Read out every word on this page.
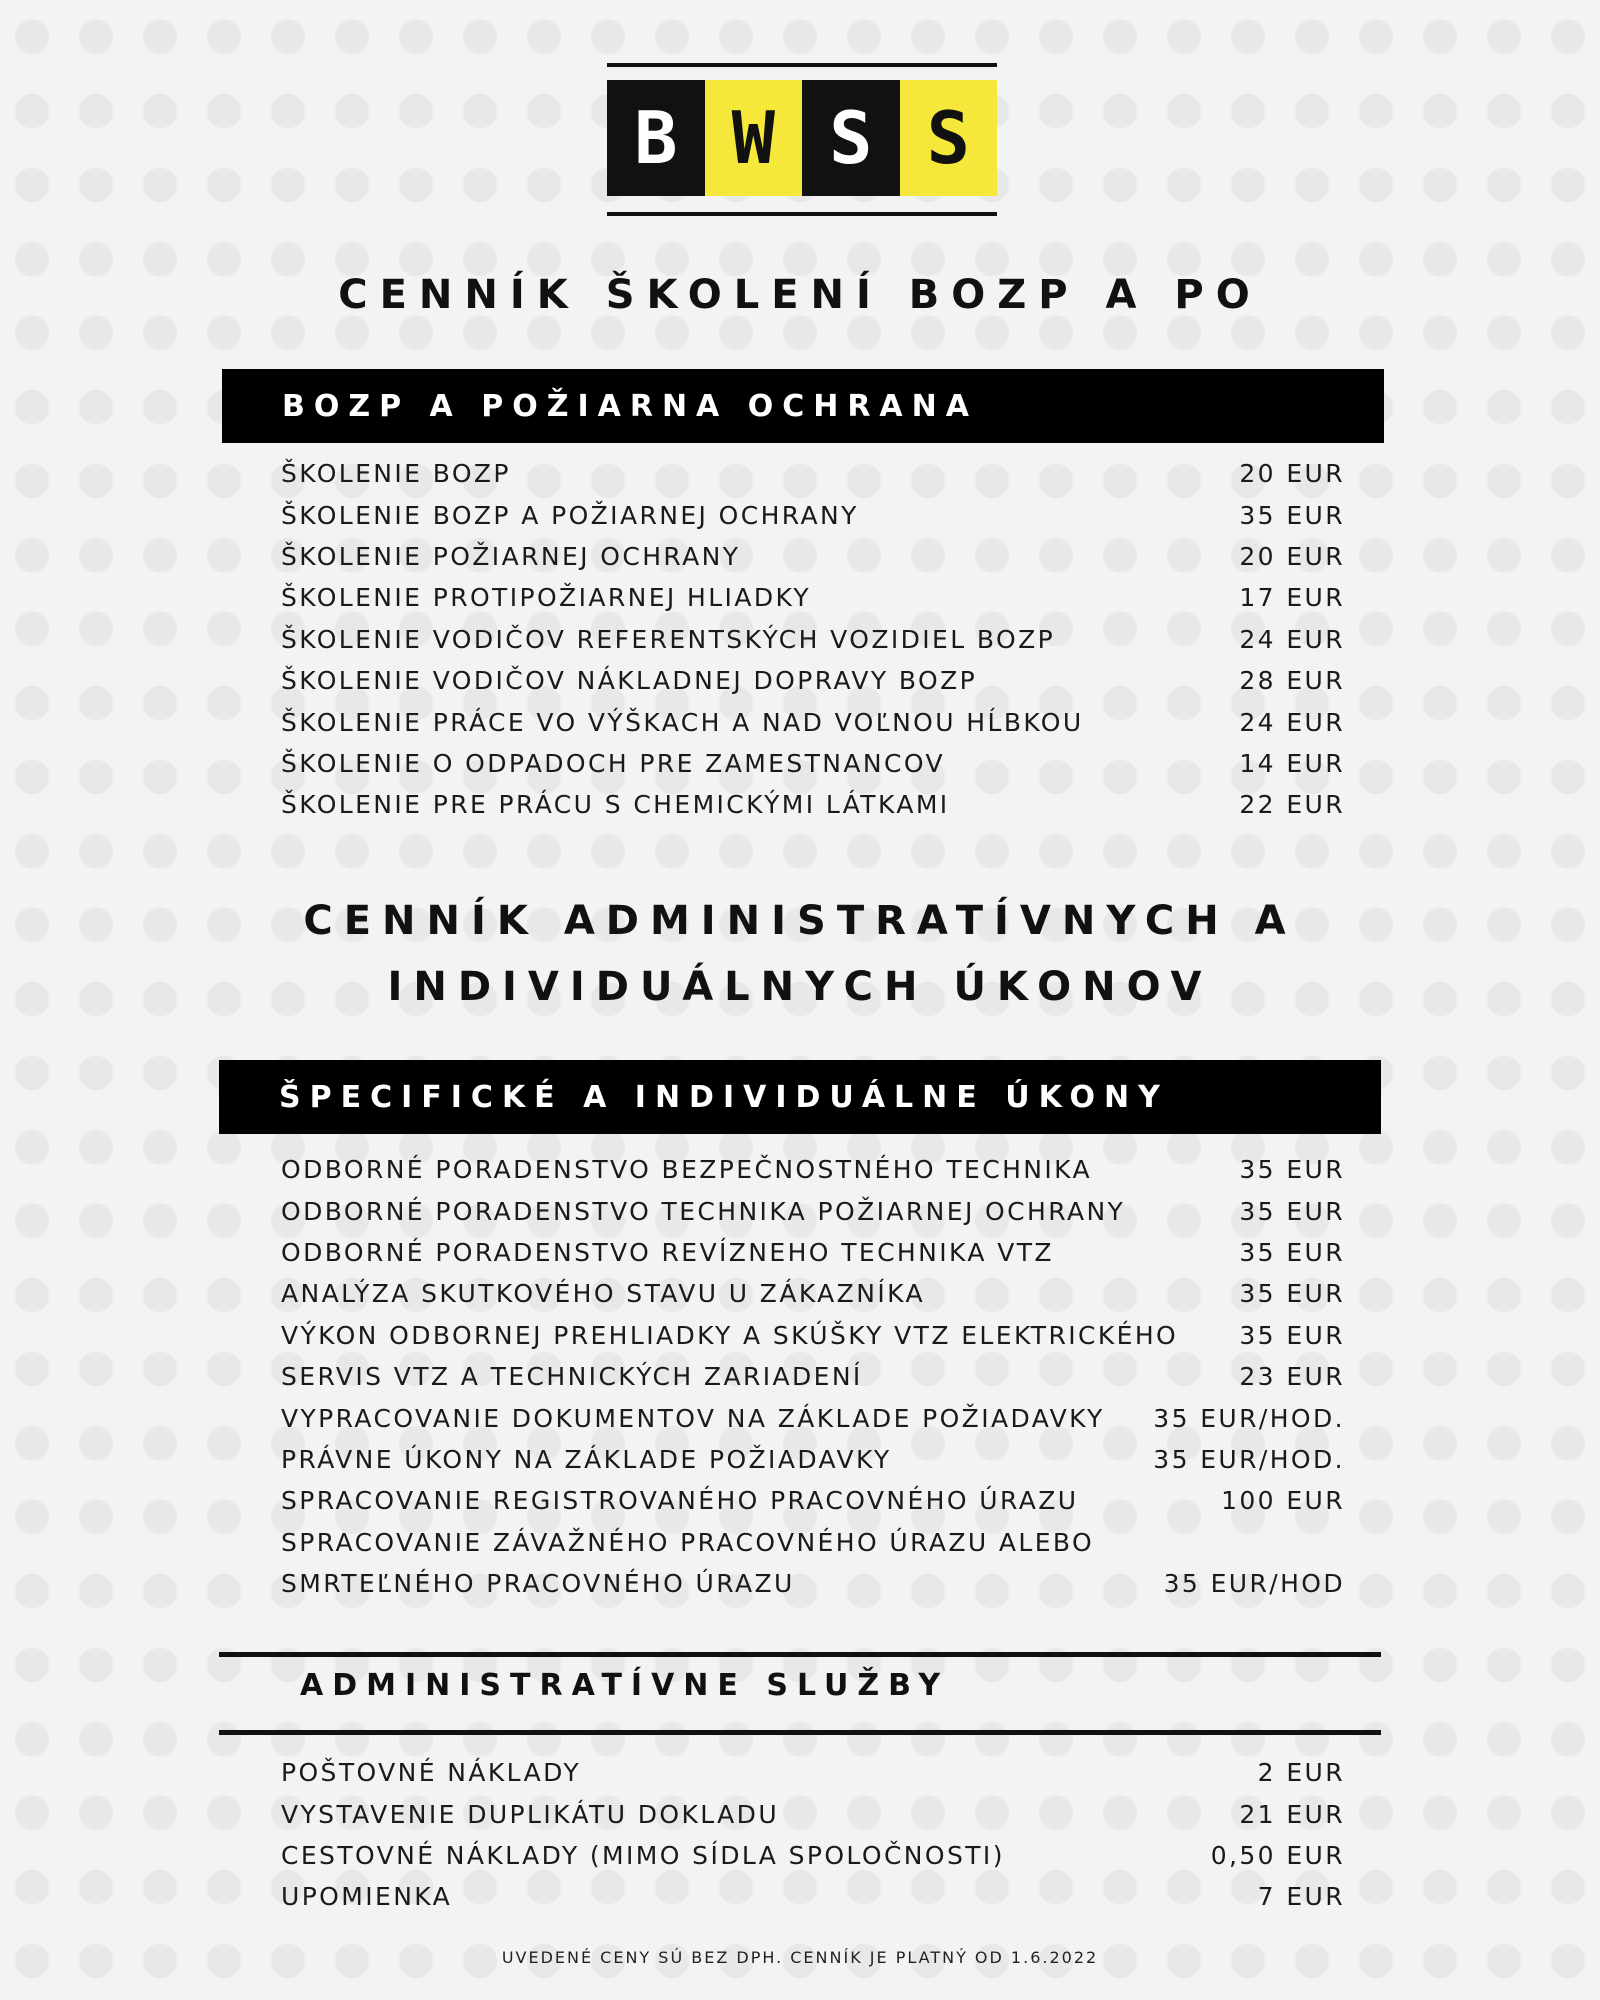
B W S S
CENNÍK ŠKOLENÍ BOZP A PO
BOZP A POŽIARNA OCHRANA
ŠKOLENIE BOZP	20 EUR
ŠKOLENIE BOZP A POŽIARNEJ OCHRANY	35 EUR
ŠKOLENIE POŽIARNEJ OCHRANY	20 EUR
ŠKOLENIE PROTIPOŽIARNEJ HLIADKY	17 EUR
ŠKOLENIE VODIČOV REFERENTSKÝCH VOZIDIEL BOZP	24 EUR
ŠKOLENIE VODIČOV NÁKLADNEJ DOPRAVY BOZP	28 EUR
ŠKOLENIE PRÁCE VO VÝŠKACH A NAD VOĽNOU HĹBKOU	24 EUR
ŠKOLENIE O ODPADOCH PRE ZAMESTNANCOV	14 EUR
ŠKOLENIE PRE PRÁCU S CHEMICKÝMI LÁTKAMI	22 EUR
CENNÍK ADMINISTRATÍVNYCH A
INDIVIDUÁLNYCH ÚKONOV
ŠPECIFICKÉ A INDIVIDUÁLNE ÚKONY
ODBORNÉ PORADENSTVO BEZPEČNOSTNÉHO TECHNIKA	35 EUR
ODBORNÉ PORADENSTVO TECHNIKA POŽIARNEJ OCHRANY	35 EUR
ODBORNÉ PORADENSTVO REVÍZNEHO TECHNIKA VTZ	35 EUR
ANALÝZA SKUTKOVÉHO STAVU U ZÁKAZNÍKA	35 EUR
VÝKON ODBORNEJ PREHLIADKY A SKÚŠKY VTZ ELEKTRICKÉHO 35 EUR
SERVIS VTZ A TECHNICKÝCH ZARIADENÍ	23 EUR
VYPRACOVANIE DOKUMENTOV NA ZÁKLADE POŽIADAVKY 35 EUR/HOD.
PRÁVNE ÚKONY NA ZÁKLADE POŽIADAVKY	35 EUR/HOD.
SPRACOVANIE REGISTROVANÉHO PRACOVNÉHO ÚRAZU	100 EUR
SPRACOVANIE ZÁVAŽNÉHO PRACOVNÉHO ÚRAZU ALEBO
SMRTEĽNÉHO PRACOVNÉHO ÚRAZU	35 EUR/HOD
ADMINISTRATÍVNE SLUŽBY
POŠTOVNÉ NÁKLADY	2 EUR
VYSTAVENIE DUPLIKÁTU DOKLADU	21 EUR
CESTOVNÉ NÁKLADY (MIMO SÍDLA SPOLOČNOSTI)	0,50 EUR
UPOMIENKA	7 EUR
UVEDENÉ CENY SÚ BEZ DPH. CENNÍK JE PLATNÝ OD 1.6.2022
